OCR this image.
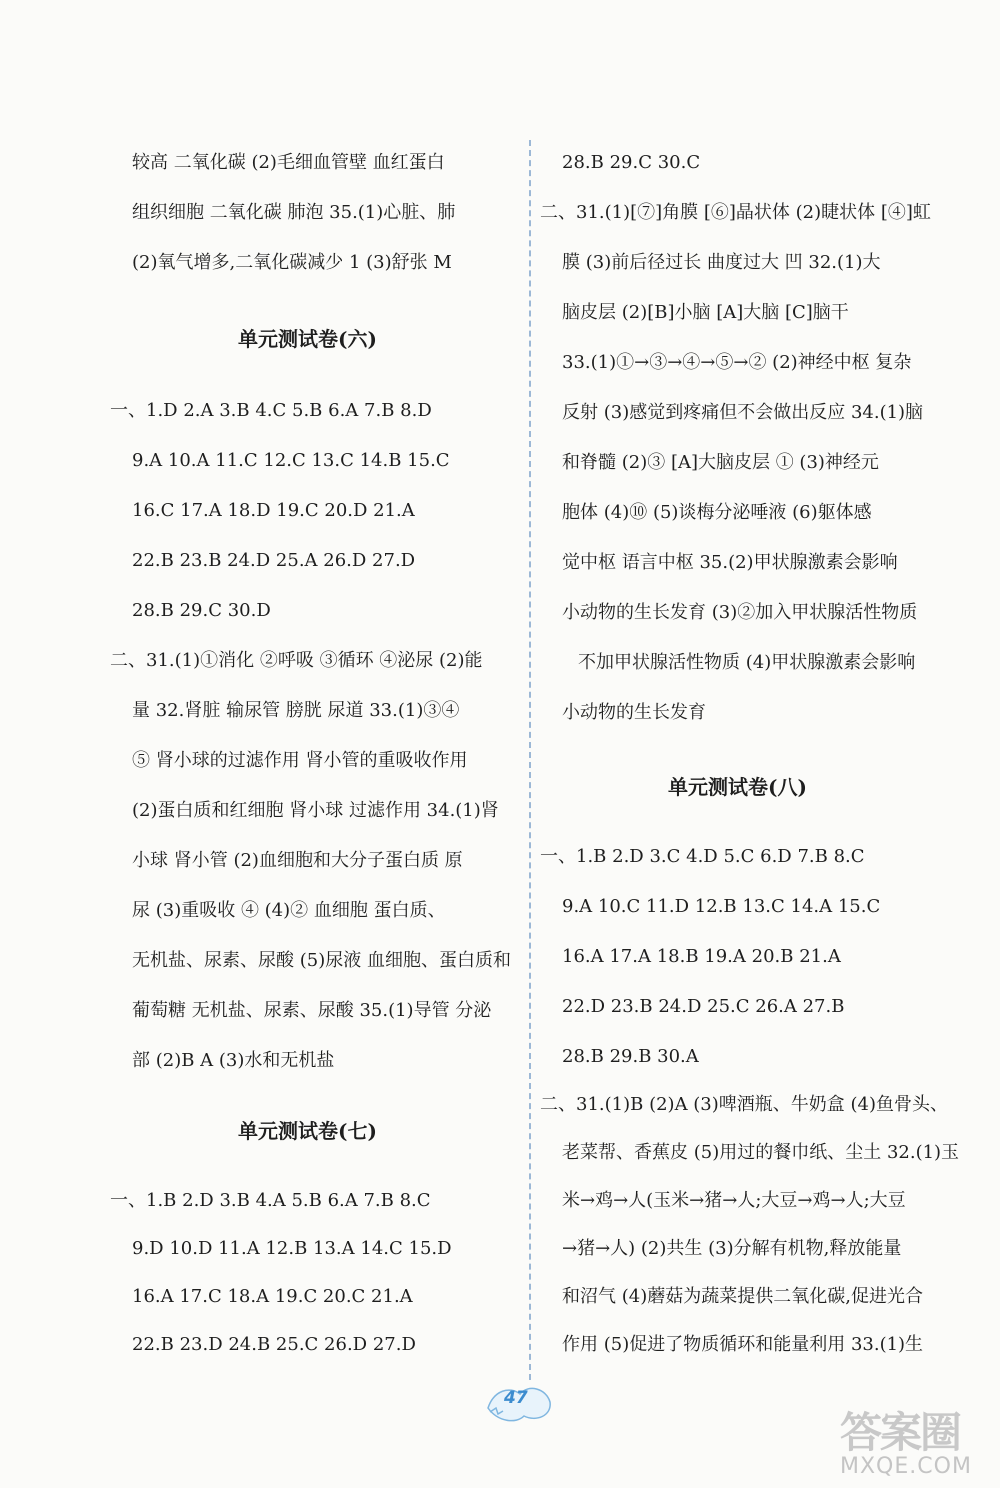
较高 二氧化碳 (2)毛细血管壁 血红蛋白
组织细胞 二氧化碳 肺泡 35.(1)心脏、肺
(2)氧气增多,二氧化碳减少 1 (3)舒张 M
单元测试卷(六)
一、1.D 2.A 3.B 4.C 5.B 6.A 7.B 8.D
9.A 10.A 11.C 12.C 13.C 14.B 15.C
16.C 17.A 18.D 19.C 20.D 21.A
22.B 23.B 24.D 25.A 26.D 27.D
28.B 29.C 30.D
二、31.(1)①消化 ②呼吸 ③循环 ④泌尿 (2)能
量 32.肾脏 输尿管 膀胱 尿道 33.(1)③④
⑤ 肾小球的过滤作用 肾小管的重吸收作用
(2)蛋白质和红细胞 肾小球 过滤作用 34.(1)肾
小球 肾小管 (2)血细胞和大分子蛋白质 原
尿 (3)重吸收 ④ (4)② 血细胞 蛋白质、
无机盐、尿素、尿酸 (5)尿液 血细胞、蛋白质和
葡萄糖 无机盐、尿素、尿酸 35.(1)导管 分泌
部 (2)B A (3)水和无机盐
单元测试卷(七)
一、1.B 2.D 3.B 4.A 5.B 6.A 7.B 8.C
9.D 10.D 11.A 12.B 13.A 14.C 15.D
16.A 17.C 18.A 19.C 20.C 21.A
22.B 23.D 24.B 25.C 26.D 27.D
28.B 29.C 30.C
二、31.(1)[⑦]角膜 [⑥]晶状体 (2)睫状体 [④]虹
膜 (3)前后径过长 曲度过大 凹 32.(1)大
脑皮层 (2)[B]小脑 [A]大脑 [C]脑干
33.(1)①→③→④→⑤→② (2)神经中枢 复杂
反射 (3)感觉到疼痛但不会做出反应 34.(1)脑
和脊髓 (2)③ [A]大脑皮层 ① (3)神经元
胞体 (4)⑩ (5)谈梅分泌唾液 (6)躯体感
觉中枢 语言中枢 35.(2)甲状腺激素会影响
小动物的生长发育 (3)②加入甲状腺活性物质
不加甲状腺活性物质 (4)甲状腺激素会影响
小动物的生长发育
单元测试卷(八)
一、1.B 2.D 3.C 4.D 5.C 6.D 7.B 8.C
9.A 10.C 11.D 12.B 13.C 14.A 15.C
16.A 17.A 18.B 19.A 20.B 21.A
22.D 23.B 24.D 25.C 26.A 27.B
28.B 29.B 30.A
二、31.(1)B (2)A (3)啤酒瓶、牛奶盒 (4)鱼骨头、
老菜帮、香蕉皮 (5)用过的餐巾纸、尘土 32.(1)玉
米→鸡→人(玉米→猪→人;大豆→鸡→人;大豆
→猪→人) (2)共生 (3)分解有机物,释放能量
和沼气 (4)蘑菇为蔬菜提供二氧化碳,促进光合
作用 (5)促进了物质循环和能量利用 33.(1)生
47
答案圈
MXQE.COM
